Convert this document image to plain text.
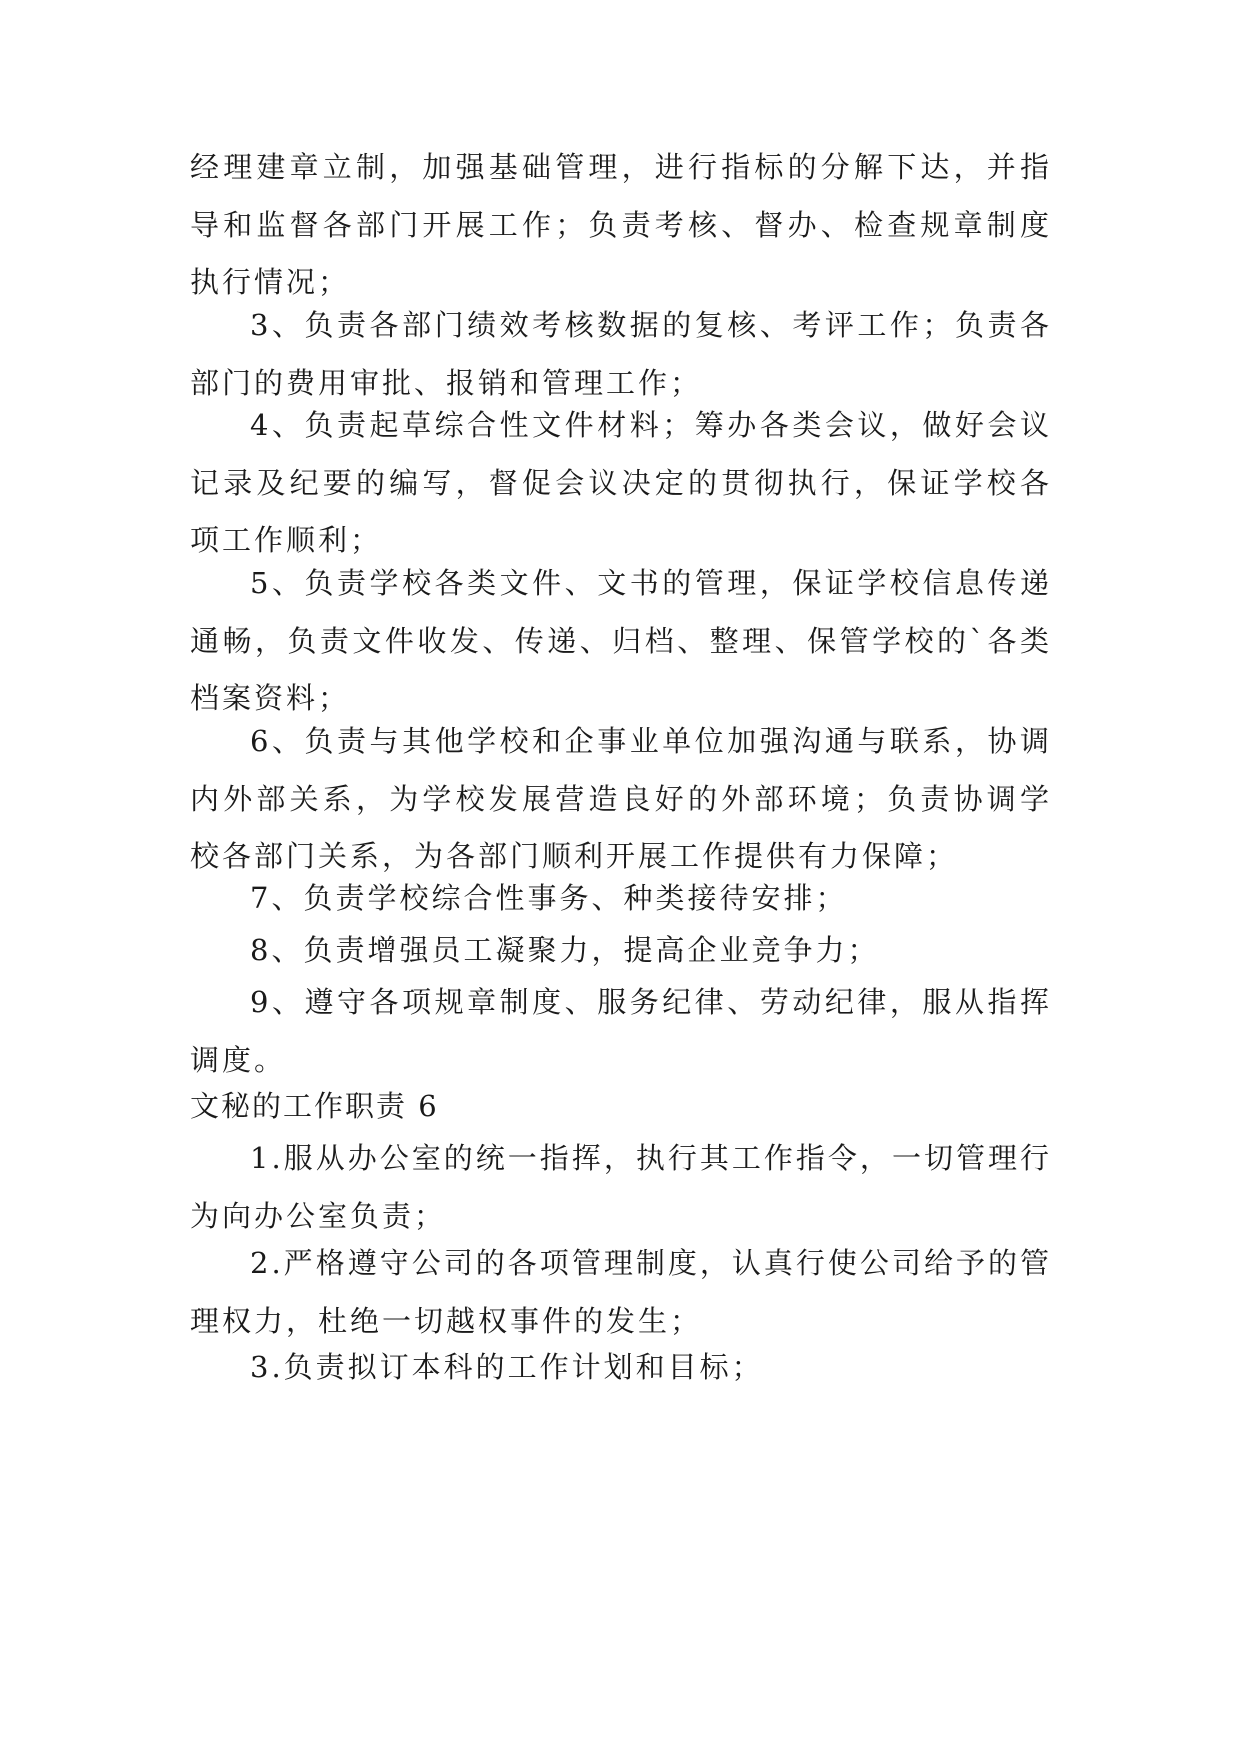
经理建章立制，加强基础管理，进行指标的分解下达，并指导和监督各部门开展工作；负责考核、督办、检查规章制度执行情况；

3、负责各部门绩效考核数据的复核、考评工作；负责各部门的费用审批、报销和管理工作；

4、负责起草综合性文件材料；筹办各类会议，做好会议记录及纪要的编写，督促会议决定的贯彻执行，保证学校各项工作顺利；

5、负责学校各类文件、文书的管理，保证学校信息传递通畅，负责文件收发、传递、归档、整理、保管学校的`各类档案资料；

6、负责与其他学校和企事业单位加强沟通与联系，协调内外部关系，为学校发展营造良好的外部环境；负责协调学校各部门关系，为各部门顺利开展工作提供有力保障；

7、负责学校综合性事务、种类接待安排；

8、负责增强员工凝聚力，提高企业竞争力；

9、遵守各项规章制度、服务纪律、劳动纪律，服从指挥调度。

文秘的工作职责 6

1.服从办公室的统一指挥，执行其工作指令，一切管理行为向办公室负责；

2.严格遵守公司的各项管理制度，认真行使公司给予的管理权力，杜绝一切越权事件的发生；

3.负责拟订本科的工作计划和目标；
